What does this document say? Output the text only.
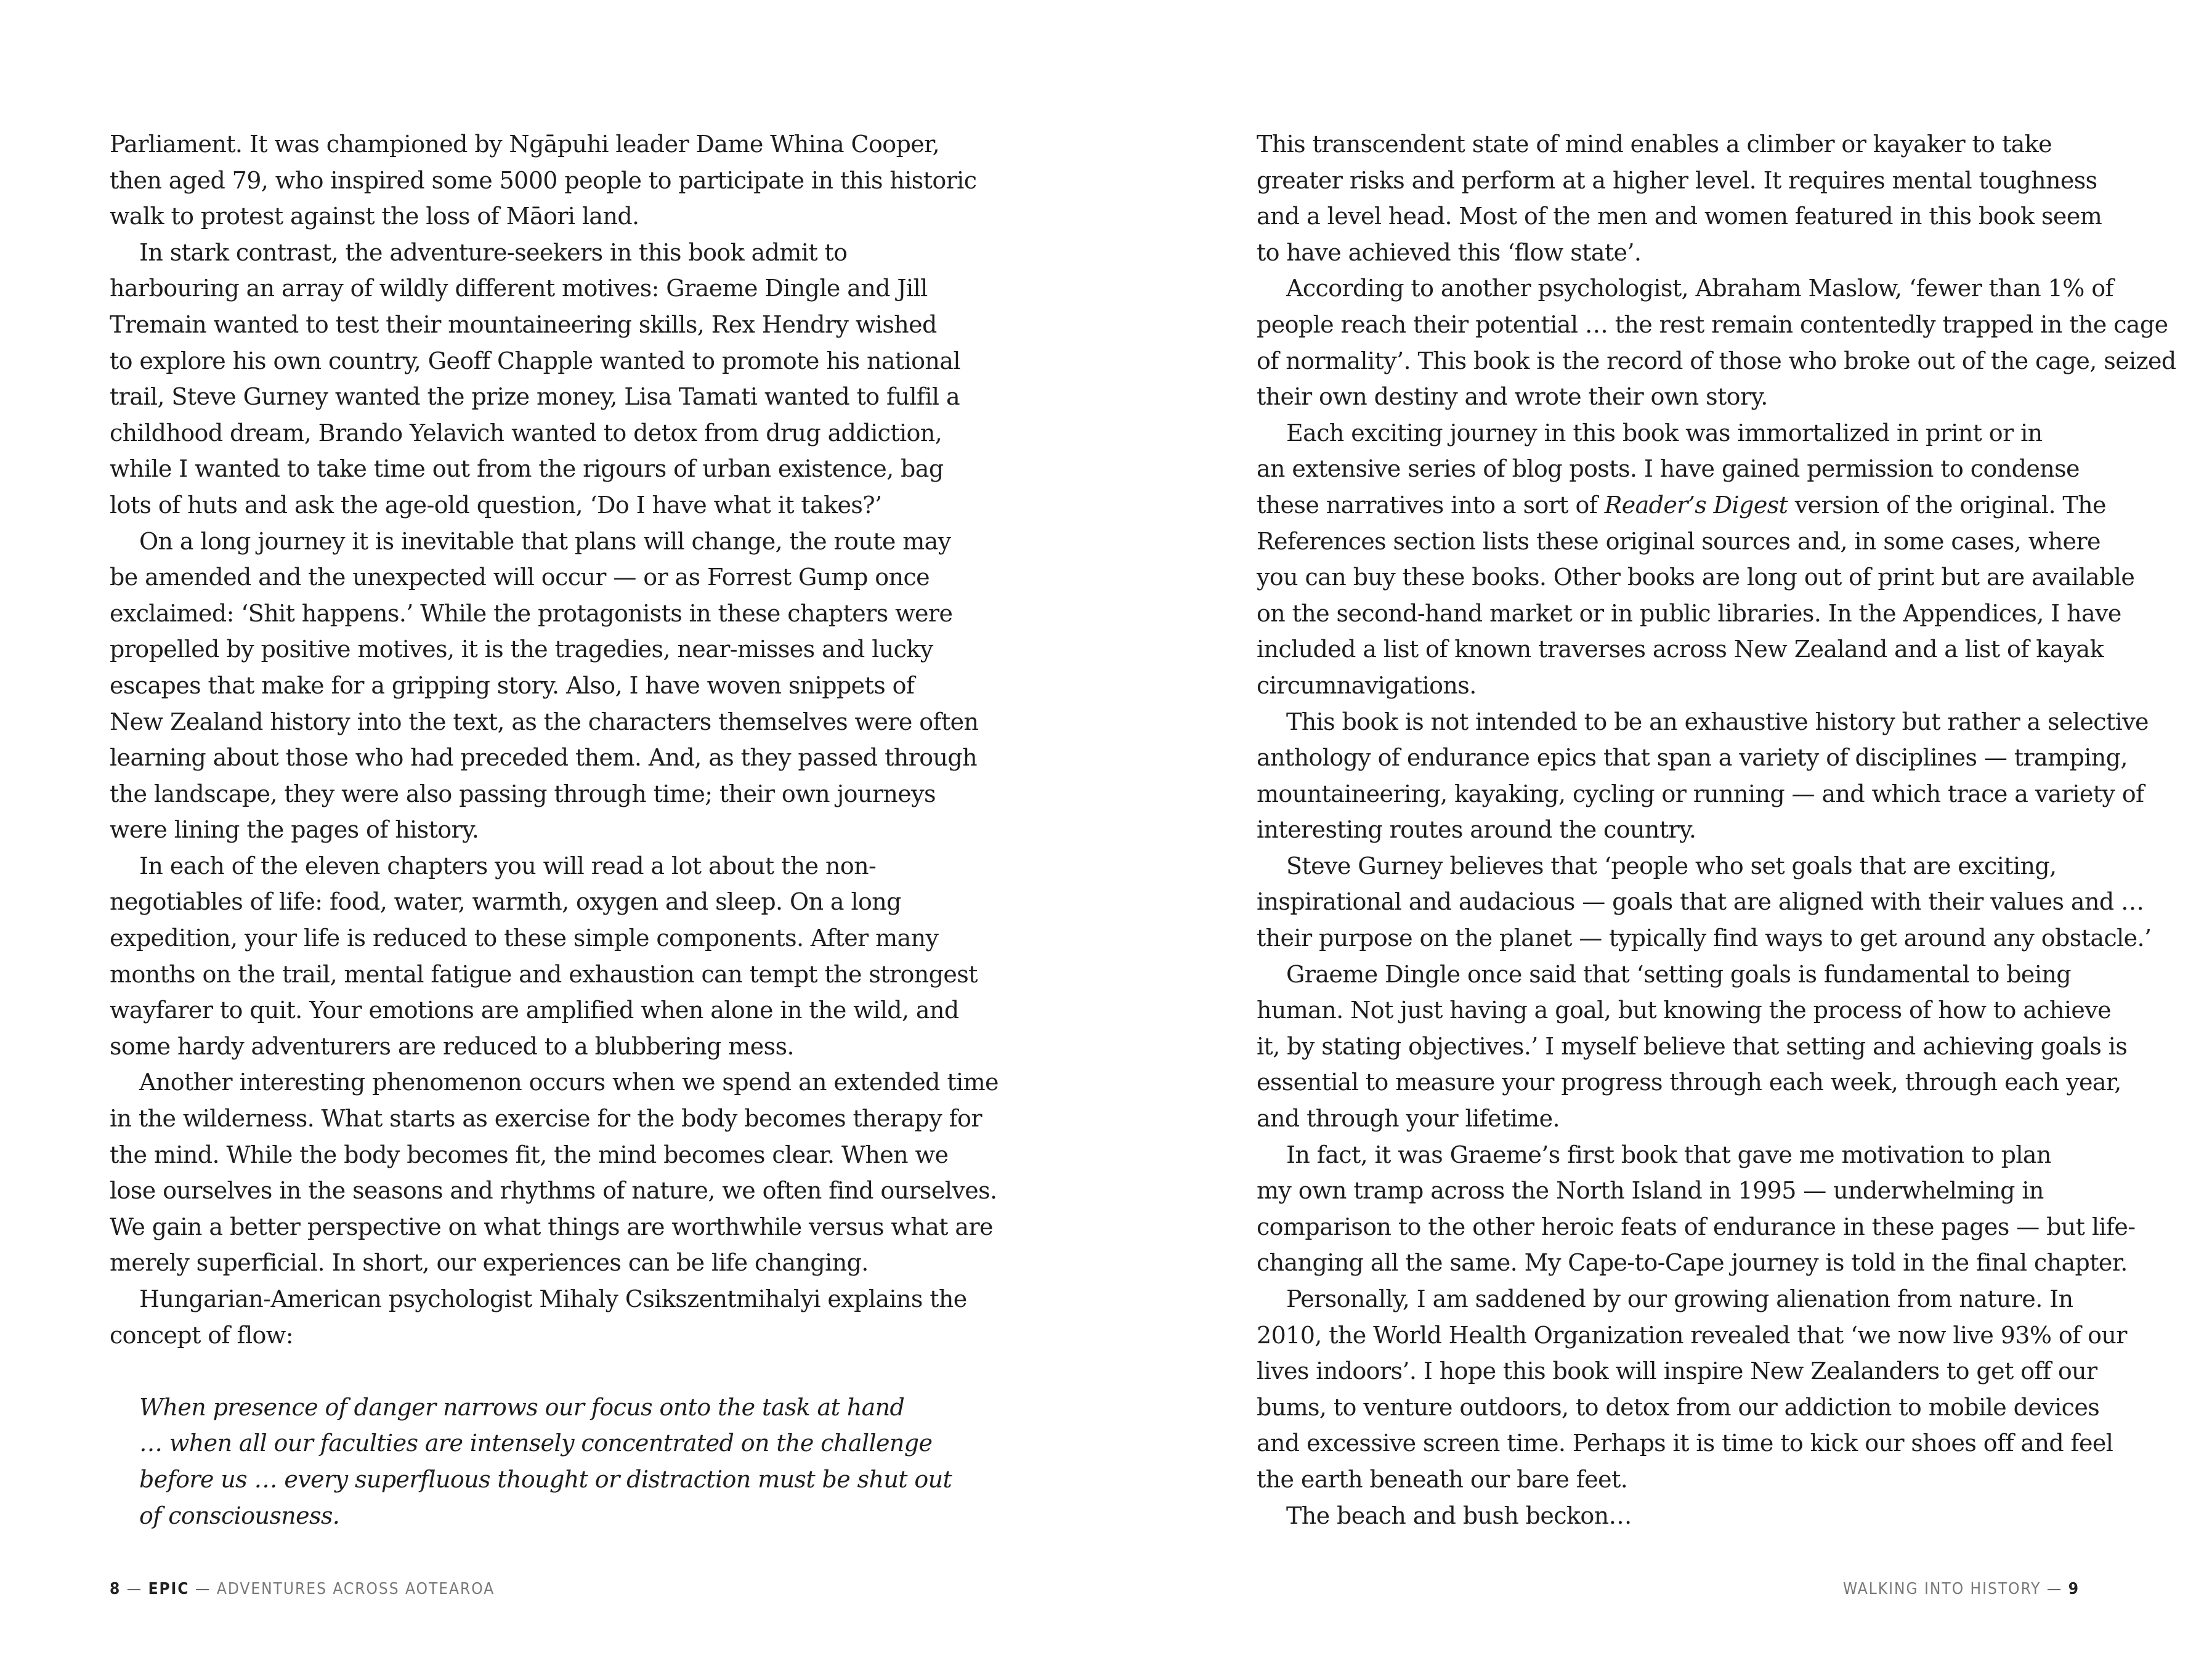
Parliament. It was championed by Ngāpuhi leader Dame Whina Cooper,
then aged 79, who inspired some 5000 people to participate in this historic
walk to protest against the loss of Māori land.
In stark contrast, the adventure-seekers in this book admit to
harbouring an array of wildly different motives: Graeme Dingle and Jill
Tremain wanted to test their mountaineering skills, Rex Hendry wished
to explore his own country, Geoff Chapple wanted to promote his national
trail, Steve Gurney wanted the prize money, Lisa Tamati wanted to fulfil a
childhood dream, Brando Yelavich wanted to detox from drug addiction,
while I wanted to take time out from the rigours of urban existence, bag
lots of huts and ask the age-old question, ‘Do I have what it takes?’
On a long journey it is inevitable that plans will change, the route may
be amended and the unexpected will occur — or as Forrest Gump once
exclaimed: ‘Shit happens.’ While the protagonists in these chapters were
propelled by positive motives, it is the tragedies, near-misses and lucky
escapes that make for a gripping story. Also, I have woven snippets of
New Zealand history into the text, as the characters themselves were often
learning about those who had preceded them. And, as they passed through
the landscape, they were also passing through time; their own journeys
were lining the pages of history.
In each of the eleven chapters you will read a lot about the non-
negotiables of life: food, water, warmth, oxygen and sleep. On a long
expedition, your life is reduced to these simple components. After many
months on the trail, mental fatigue and exhaustion can tempt the strongest
wayfarer to quit. Your emotions are amplified when alone in the wild, and
some hardy adventurers are reduced to a blubbering mess.
Another interesting phenomenon occurs when we spend an extended time
in the wilderness. What starts as exercise for the body becomes therapy for
the mind. While the body becomes fit, the mind becomes clear. When we
lose ourselves in the seasons and rhythms of nature, we often find ourselves.
We gain a better perspective on what things are worthwhile versus what are
merely superficial. In short, our experiences can be life changing.
Hungarian-American psychologist Mihaly Csikszentmihalyi explains the
concept of flow:
When presence of danger narrows our focus onto the task at hand
… when all our faculties are intensely concentrated on the challenge
before us … every superfluous thought or distraction must be shut out
of consciousness.
8 — EPIC — ADVENTURES ACROSS AOTEAROA
This transcendent state of mind enables a climber or kayaker to take
greater risks and perform at a higher level. It requires mental toughness
and a level head. Most of the men and women featured in this book seem
to have achieved this ‘flow state’.
According to another psychologist, Abraham Maslow, ‘fewer than 1% of
people reach their potential … the rest remain contentedly trapped in the cage
of normality’. This book is the record of those who broke out of the cage, seized
their own destiny and wrote their own story.
Each exciting journey in this book was immortalized in print or in
an extensive series of blog posts. I have gained permission to condense
these narratives into a sort of Reader’s Digest version of the original. The
References section lists these original sources and, in some cases, where
you can buy these books. Other books are long out of print but are available
on the second-hand market or in public libraries. In the Appendices, I have
included a list of known traverses across New Zealand and a list of kayak
circumnavigations.
This book is not intended to be an exhaustive history but rather a selective
anthology of endurance epics that span a variety of disciplines — tramping,
mountaineering, kayaking, cycling or running — and which trace a variety of
interesting routes around the country.
Steve Gurney believes that ‘people who set goals that are exciting,
inspirational and audacious — goals that are aligned with their values and …
their purpose on the planet — typically find ways to get around any obstacle.’
Graeme Dingle once said that ‘setting goals is fundamental to being
human. Not just having a goal, but knowing the process of how to achieve
it, by stating objectives.’ I myself believe that setting and achieving goals is
essential to measure your progress through each week, through each year,
and through your lifetime.
In fact, it was Graeme’s first book that gave me motivation to plan
my own tramp across the North Island in 1995 — underwhelming in
comparison to the other heroic feats of endurance in these pages — but life-
changing all the same. My Cape-to-Cape journey is told in the final chapter.
Personally, I am saddened by our growing alienation from nature. In
2010, the World Health Organization revealed that ‘we now live 93% of our
lives indoors’. I hope this book will inspire New Zealanders to get off our
bums, to venture outdoors, to detox from our addiction to mobile devices
and excessive screen time. Perhaps it is time to kick our shoes off and feel
the earth beneath our bare feet.
The beach and bush beckon…
WALKING INTO HISTORY — 9
